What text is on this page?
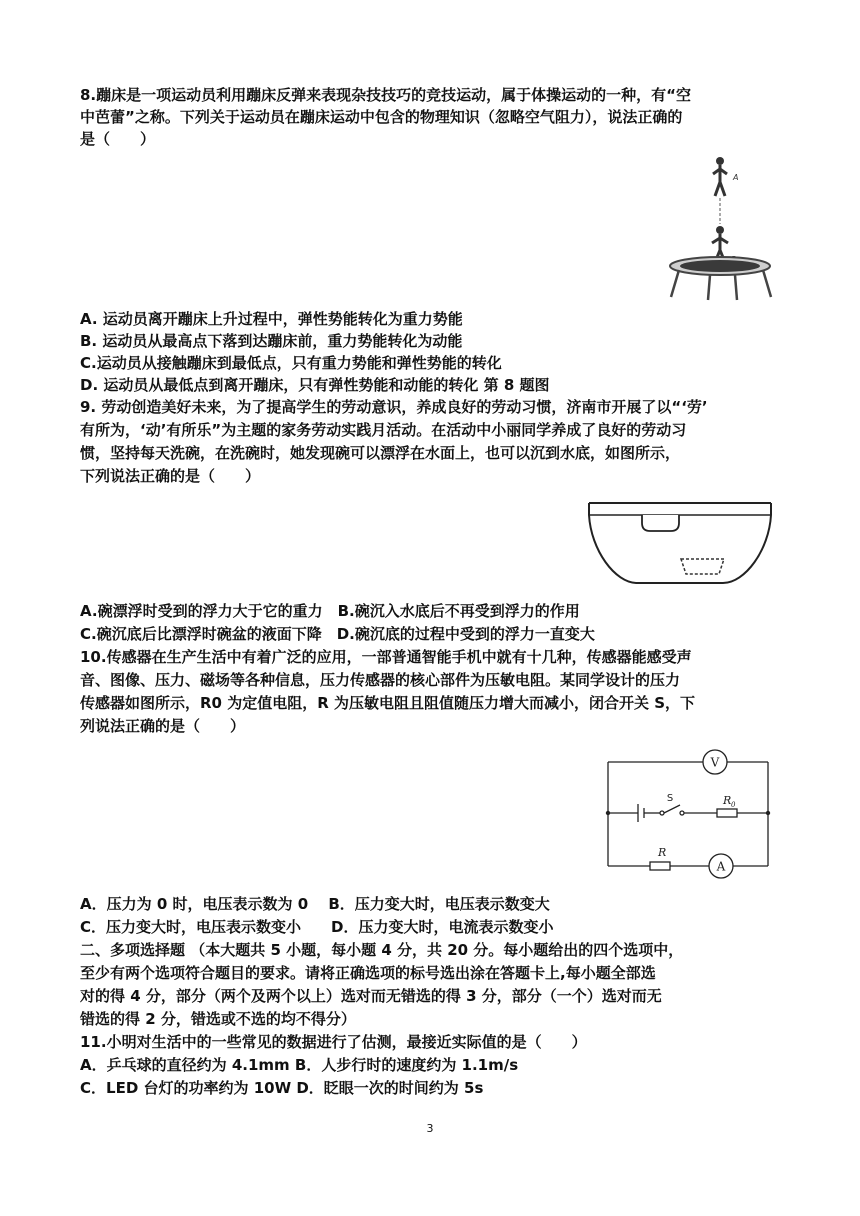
8.蹦床是一项运动员利用蹦床反弹来表现杂技技巧的竞技运动，属于体操运动的一种，有“空
中芭蕾”之称。下列关于运动员在蹦床运动中包含的物理知识（忽略空气阻力），说法正确的
是（　　）
A
A. 运动员离开蹦床上升过程中，弹性势能转化为重力势能
B. 运动员从最高点下落到达蹦床前，重力势能转化为动能
C.运动员从接触蹦床到最低点，只有重力势能和弹性势能的转化
D. 运动员从最低点到离开蹦床，只有弹性势能和动能的转化 第 8 题图
9. 劳动创造美好未来，为了提高学生的劳动意识，养成良好的劳动习惯，济南市开展了以“‘劳’
有所为，‘动’有所乐”为主题的家务劳动实践月活动。在活动中小丽同学养成了良好的劳动习
惯，坚持每天洗碗，在洗碗时，她发现碗可以漂浮在水面上，也可以沉到水底，如图所示，
下列说法正确的是（　　）
A.碗漂浮时受到的浮力大于它的重力　B.碗沉入水底后不再受到浮力的作用
C.碗沉底后比漂浮时碗盆的液面下降　D.碗沉底的过程中受到的浮力一直变大
10.传感器在生产生活中有着广泛的应用，一部普通智能手机中就有十几种，传感器能感受声
音、图像、压力、磁场等各种信息，压力传感器的核心部件为压敏电阻。某同学设计的压力
传感器如图所示，R0 为定值电阻，R 为压敏电阻且阻值随压力增大而减小，闭合开关 S，下
列说法正确的是（　　）
V
A
S	R 0
R
A．压力为 0 时，电压表示数为 0　 B．压力变大时，电压表示数变大
C．压力变大时，电压表示数变小　　D．压力变大时，电流表示数变小
二、多项选择题 （本大题共 5 小题，每小题 4 分，共 20 分。每小题给出的四个选项中，
至少有两个选项符合题目的要求。请将正确选项的标号选出涂在答题卡上,每小题全部选
对的得 4 分，部分（两个及两个以上）选对而无错选的得 3 分，部分（一个）选对而无
错选的得 2 分，错选或不选的均不得分）
11.小明对生活中的一些常见的数据进行了估测，最接近实际值的是（　　）
A．乒乓球的直径约为 4.1mm B．人步行时的速度约为 1.1m/s
C．LED 台灯的功率约为 10W D．眨眼一次的时间约为 5s
3
